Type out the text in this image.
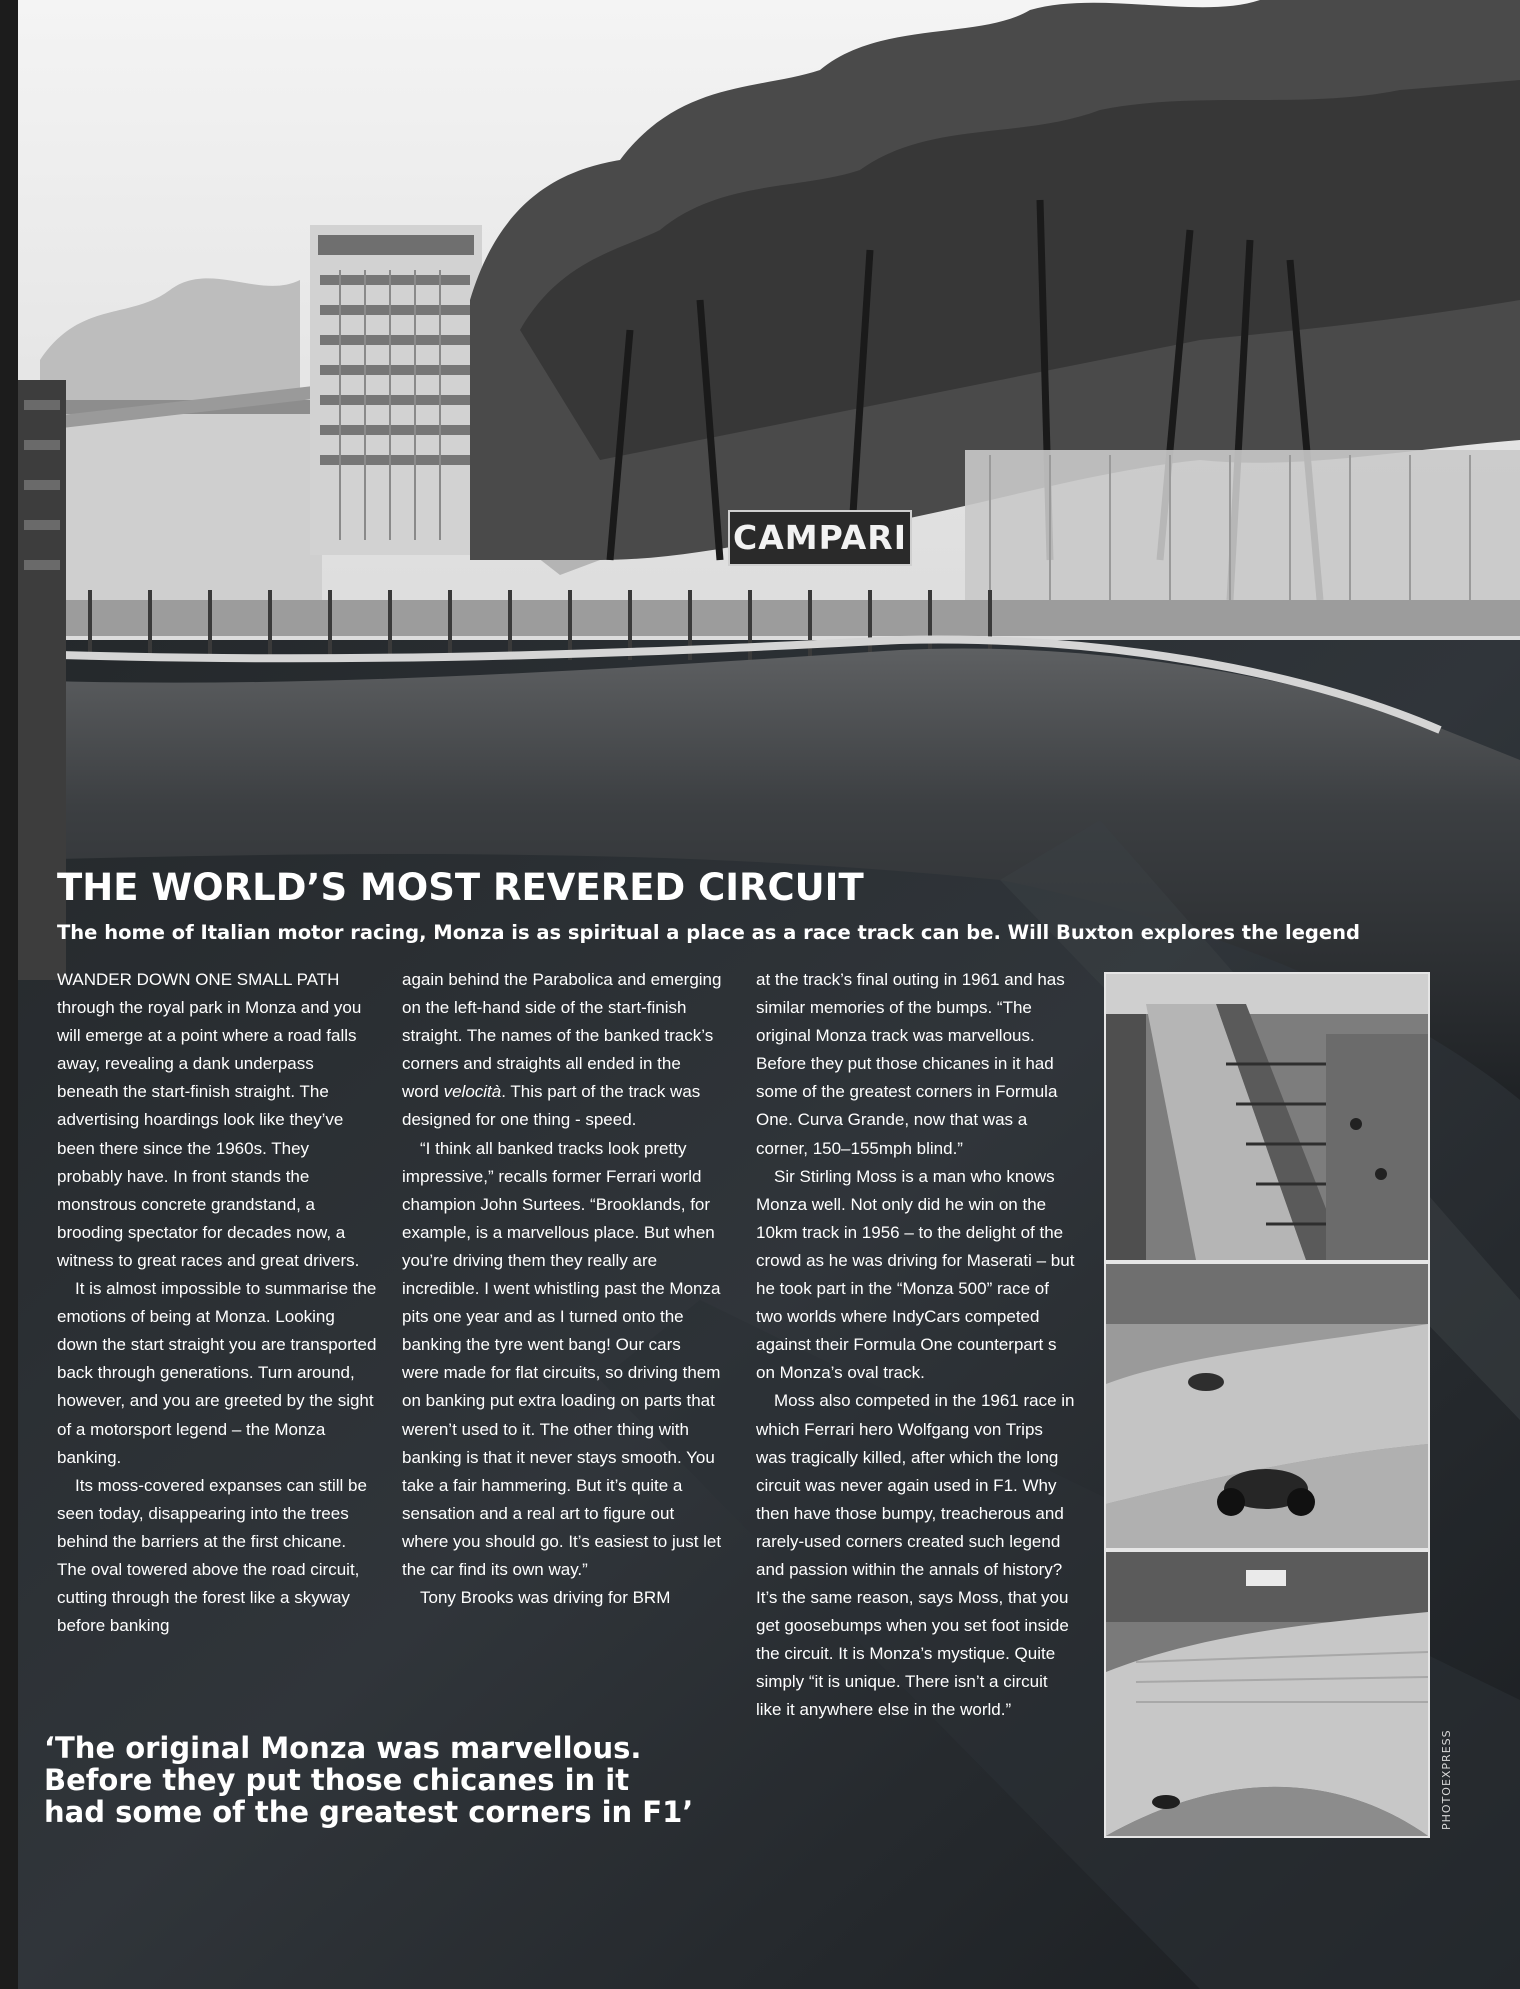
CAMPARI
THE WORLD’S MOST REVERED CIRCUIT

The home of Italian motor racing, Monza is as spiritual a place as a race track can be. Will Buxton explores the legend

WANDER DOWN ONE SMALL PATH through the royal park in Monza and you will emerge at a point where a road falls away, revealing a dank underpass beneath the start-finish straight. The advertising hoardings look like they’ve been there since the 1960s. They probably have. In front stands the monstrous concrete grandstand, a brooding spectator for decades now, a witness to great races and great drivers.

It is almost impossible to summarise the emotions of being at Monza. Looking down the start straight you are transported back through generations. Turn around, however, and you are greeted by the sight of a motorsport legend – the Monza banking.

Its moss-covered expanses can still be seen today, disappearing into the trees behind the barriers at the first chicane. The oval towered above the road circuit, cutting through the forest like a skyway before banking

again behind the Parabolica and emerging on the left-hand side of the start-finish straight. The names of the banked track’s corners and straights all ended in the word velocità. This part of the track was designed for one thing - speed.

“I think all banked tracks look pretty impressive,” recalls former Ferrari world champion John Surtees. “Brooklands, for example, is a marvellous place. But when you’re driving them they really are incredible. I went whistling past the Monza pits one year and as I turned onto the banking the tyre went bang! Our cars were made for flat circuits, so driving them on banking put extra loading on parts that weren’t used to it. The other thing with banking is that it never stays smooth. You take a fair hammering. But it’s quite a sensation and a real art to figure out where you should go. It’s easiest to just let the car find its own way.”

Tony Brooks was driving for BRM

at the track’s final outing in 1961 and has similar memories of the bumps. “The original Monza track was marvellous. Before they put those chicanes in it had some of the greatest corners in Formula One. Curva Grande, now that was a corner, 150–155mph blind.”

Sir Stirling Moss is a man who knows Monza well. Not only did he win on the 10km track in 1956 – to the delight of the crowd as he was driving for Maserati – but he took part in the “Monza 500” race of two worlds where IndyCars competed against their Formula One counterpart s on Monza’s oval track.

Moss also competed in the 1961 race in which Ferrari hero Wolfgang von Trips was tragically killed, after which the long circuit was never again used in F1. Why then have those bumpy, treacherous and rarely-used corners created such legend and passion within the annals of history? It’s the same reason, says Moss, that you get goosebumps when you set foot inside the circuit. It is Monza’s mystique. Quite simply “it is unique. There isn’t a circuit like it anywhere else in the world.”

‘The original Monza was marvellous.
Before they put those chicanes in it
had some of the greatest corners in F1’	PHOTOEXPRESS
